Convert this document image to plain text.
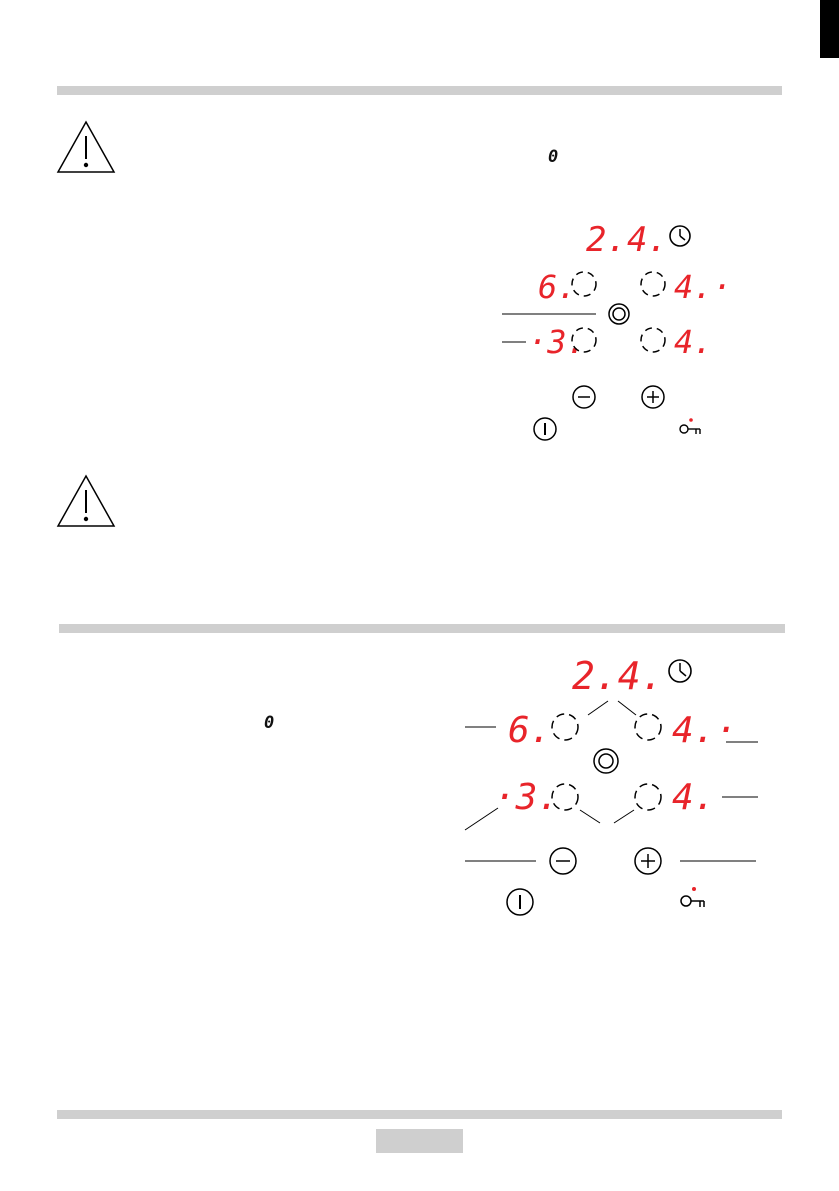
0
2.4.
6.	4.·
·3.	4.
0
2.4.
6.	4.·
·3.	4.
